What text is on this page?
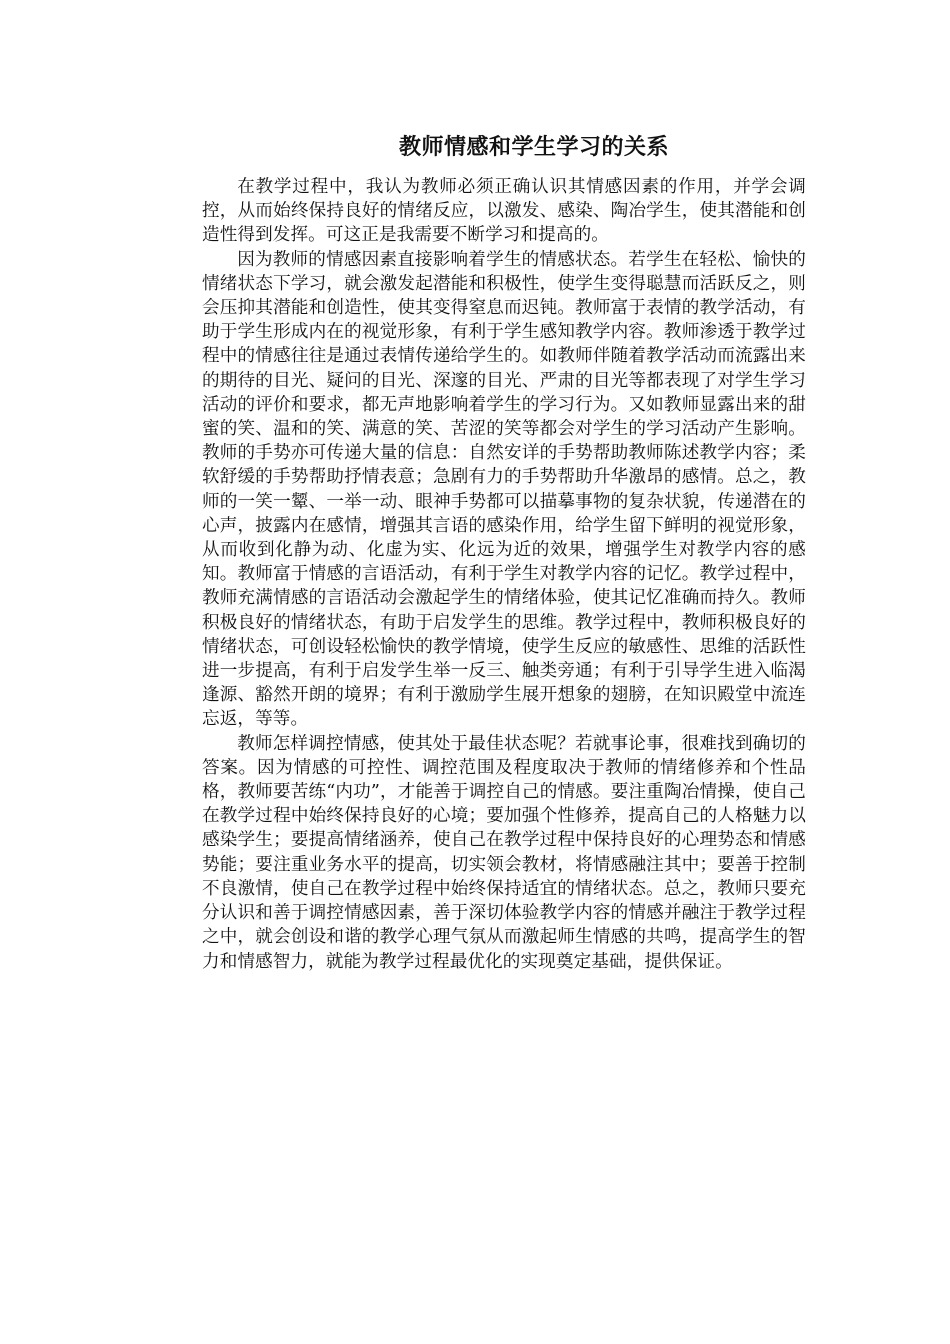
教师情感和学生学习的关系

在教学过程中，我认为教师必须正确认识其情感因素的作用，并学会调控，从而始终保持良好的情绪反应，以激发、感染、陶冶学生，使其潜能和创造性得到发挥。可这正是我需要不断学习和提高的。

因为教师的情感因素直接影响着学生的情感状态。若学生在轻松、愉快的情绪状态下学习，就会激发起潜能和积极性，使学生变得聪慧而活跃反之，则会压抑其潜能和创造性，使其变得窒息而迟钝。教师富于表情的教学活动，有助于学生形成内在的视觉形象，有利于学生感知教学内容。教师渗透于教学过程中的情感往往是通过表情传递给学生的。如教师伴随着教学活动而流露出来的期待的目光、疑问的目光、深邃的目光、严肃的目光等都表现了对学生学习活动的评价和要求，都无声地影响着学生的学习行为。又如教师显露出来的甜蜜的笑、温和的笑、满意的笑、苦涩的笑等都会对学生的学习活动产生影响。教师的手势亦可传递大量的信息：自然安详的手势帮助教师陈述教学内容；柔软舒缓的手势帮助抒情表意；急剧有力的手势帮助升华激昂的感情。总之，教师的一笑一颦、一举一动、眼神手势都可以描摹事物的复杂状貌，传递潜在的心声，披露内在感情，增强其言语的感染作用，给学生留下鲜明的视觉形象，从而收到化静为动、化虚为实、化远为近的效果，增强学生对教学内容的感知。教师富于情感的言语活动，有利于学生对教学内容的记忆。教学过程中，教师充满情感的言语活动会激起学生的情绪体验，使其记忆准确而持久。教师积极良好的情绪状态，有助于启发学生的思维。教学过程中，教师积极良好的情绪状态，可创设轻松愉快的教学情境，使学生反应的敏感性、思维的活跃性进一步提高，有利于启发学生举一反三、触类旁通；有利于引导学生进入临渴逢源、豁然开朗的境界；有利于激励学生展开想象的翅膀，在知识殿堂中流连忘返，等等。

教师怎样调控情感，使其处于最佳状态呢？若就事论事，很难找到确切的答案。因为情感的可控性、调控范围及程度取决于教师的情绪修养和个性品格，教师要苦练“内功”，才能善于调控自己的情感。要注重陶冶情操，使自己在教学过程中始终保持良好的心境；要加强个性修养，提高自己的人格魅力以感染学生；要提高情绪涵养，使自己在教学过程中保持良好的心理势态和情感势能；要注重业务水平的提高，切实领会教材，将情感融注其中；要善于控制不良激情，使自己在教学过程中始终保持适宜的情绪状态。总之，教师只要充分认识和善于调控情感因素，善于深切体验教学内容的情感并融注于教学过程之中，就会创设和谐的教学心理气氛从而激起师生情感的共鸣，提高学生的智力和情感智力，就能为教学过程最优化的实现奠定基础，提供保证。
